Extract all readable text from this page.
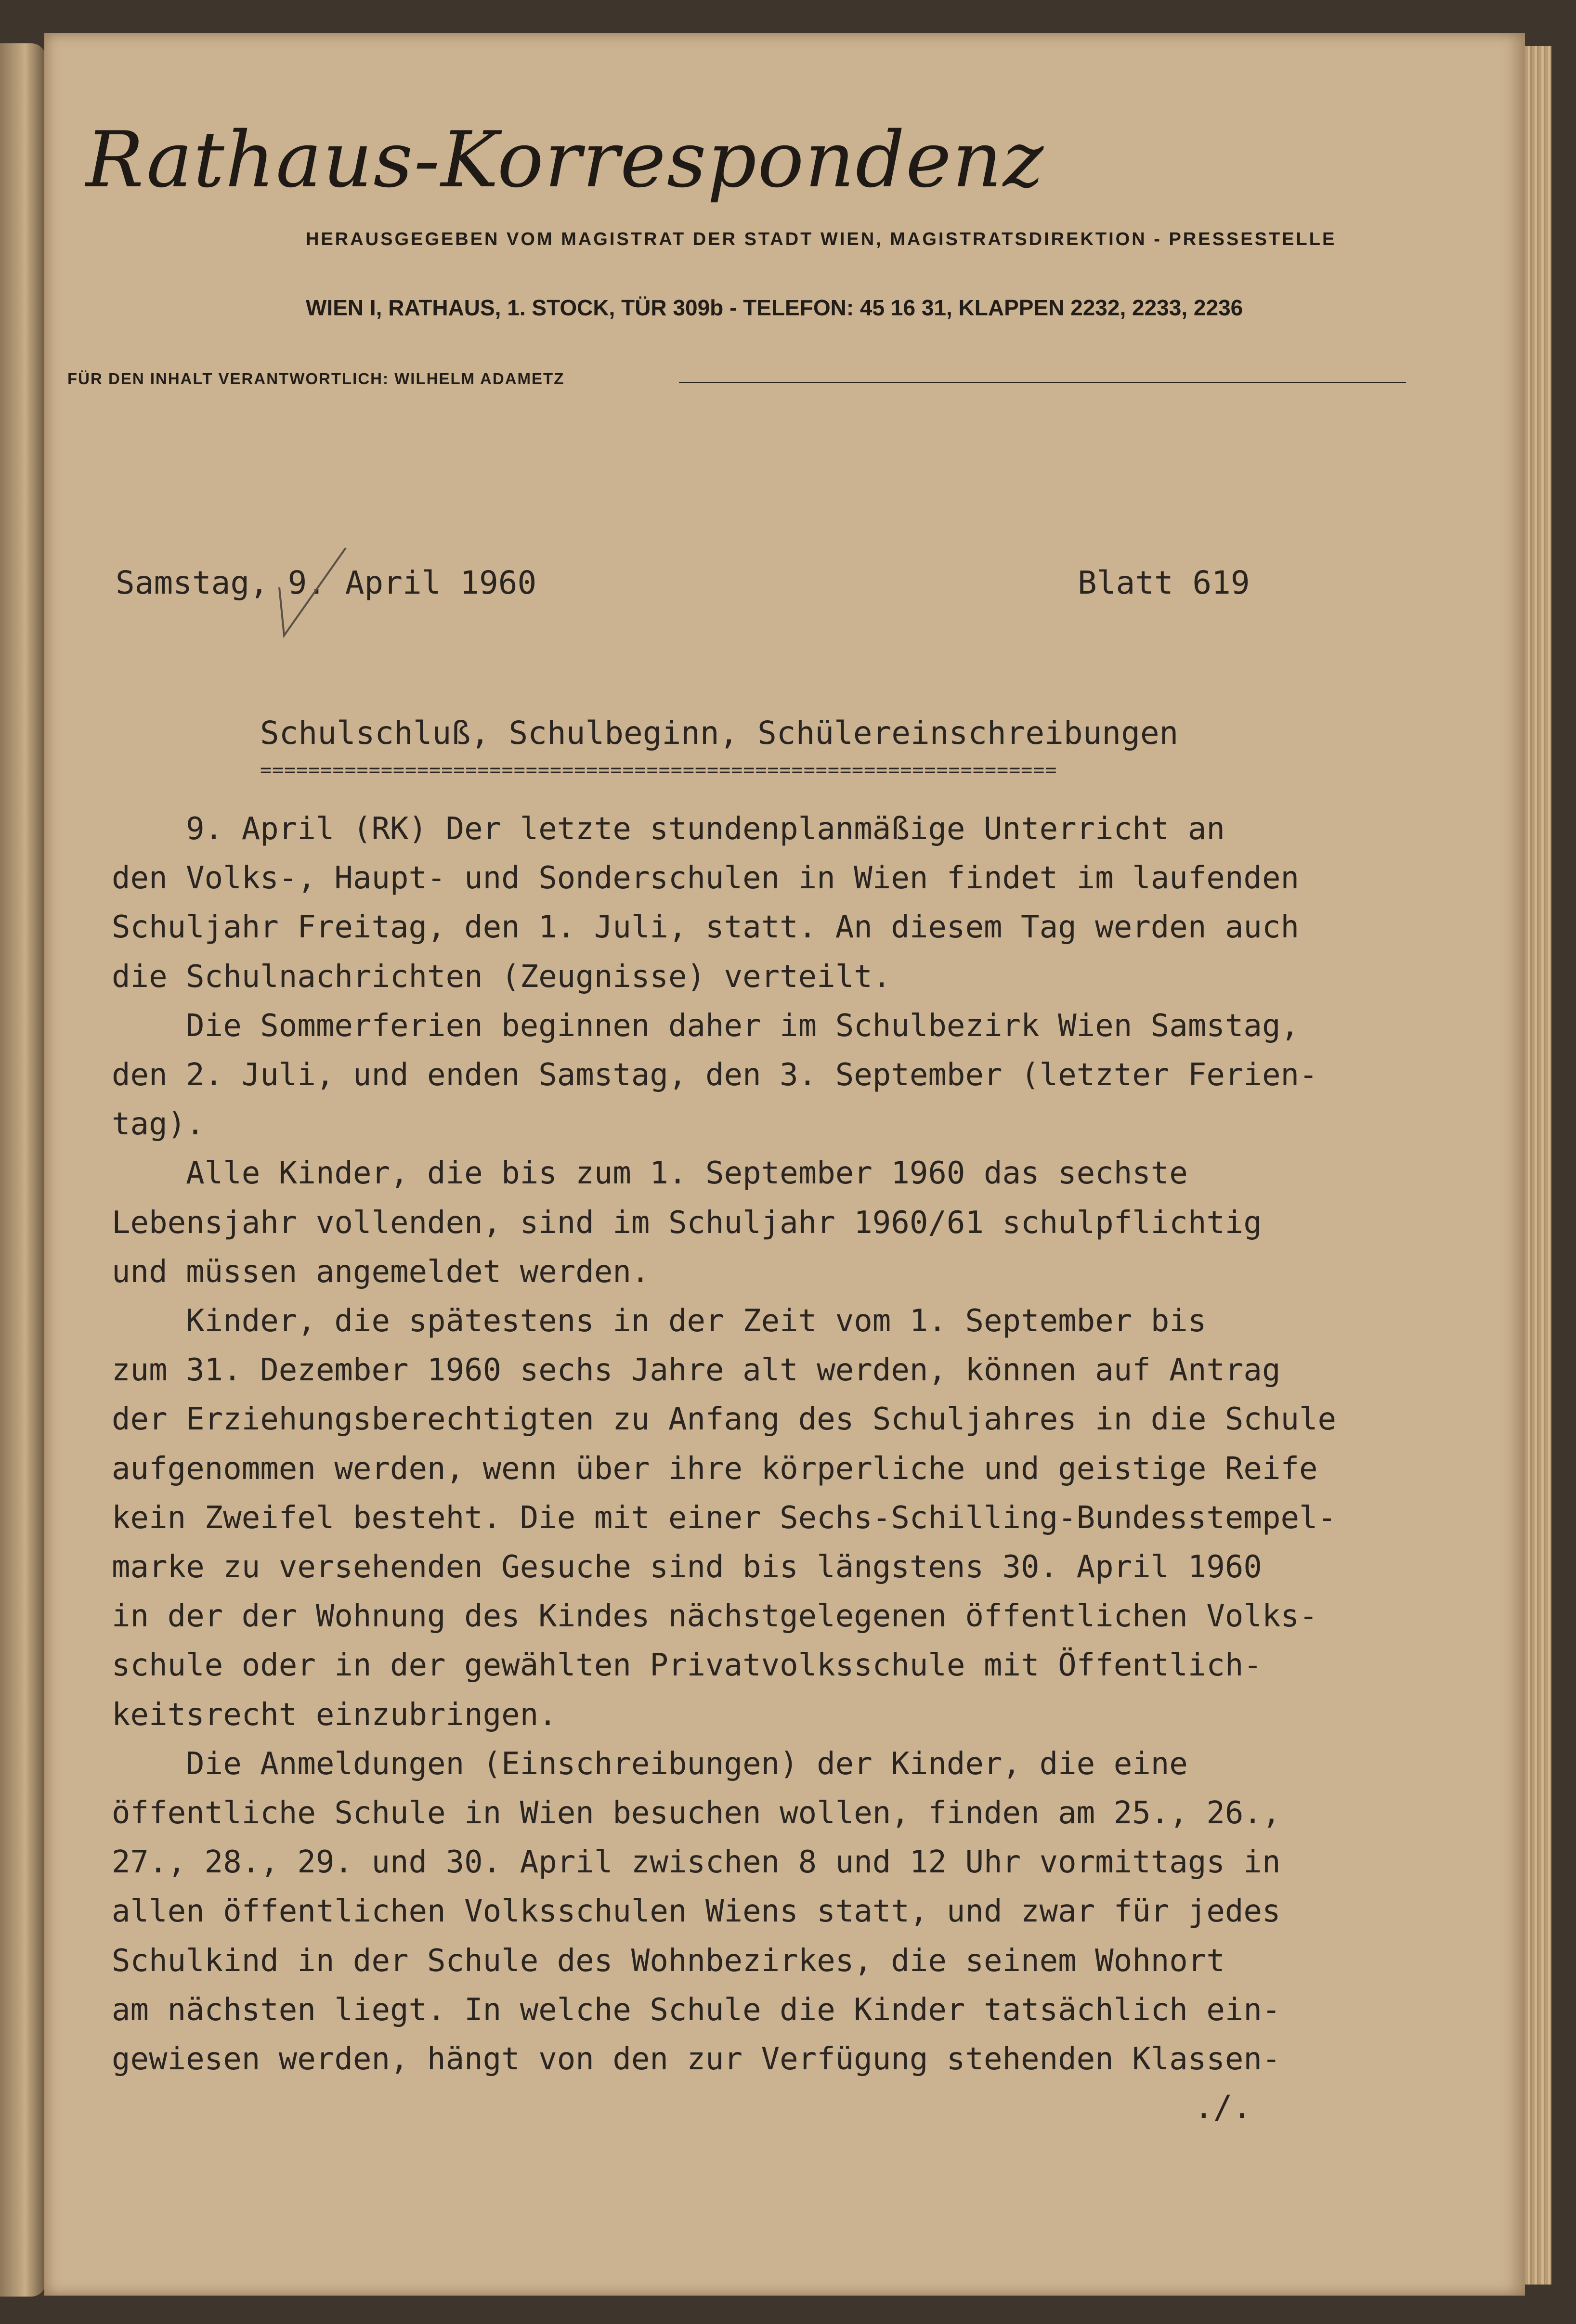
Rathaus-Korrespondenz
HERAUSGEGEBEN VOM MAGISTRAT DER STADT WIEN, MAGISTRATSDIREKTION - PRESSESTELLE
WIEN I, RATHAUS, 1. STOCK, TÜR 309b - TELEFON: 45 16 31, KLAPPEN 2232, 2233, 2236
FÜR DEN INHALT VERANTWORTLICH: WILHELM ADAMETZ
Samstag, 9. April 1960	Blatt 619
Schulschluß, Schulbeginn, Schülereinschreibungen
==================================================================
9. April (RK) Der letzte stundenplanmäßige Unterricht an
den Volks-, Haupt- und Sonderschulen in Wien findet im laufenden
Schuljahr Freitag, den 1. Juli, statt. An diesem Tag werden auch
die Schulnachrichten (Zeugnisse) verteilt.
Die Sommerferien beginnen daher im Schulbezirk Wien Samstag,
den 2. Juli, und enden Samstag, den 3. September (letzter Ferien-
tag).
Alle Kinder, die bis zum 1. September 1960 das sechste
Lebensjahr vollenden, sind im Schuljahr 1960/61 schulpflichtig
und müssen angemeldet werden.
Kinder, die spätestens in der Zeit vom 1. September bis
zum 31. Dezember 1960 sechs Jahre alt werden, können auf Antrag
der Erziehungsberechtigten zu Anfang des Schuljahres in die Schule
aufgenommen werden, wenn über ihre körperliche und geistige Reife
kein Zweifel besteht. Die mit einer Sechs-Schilling-Bundesstempel-
marke zu versehenden Gesuche sind bis längstens 30. April 1960
in der der Wohnung des Kindes nächstgelegenen öffentlichen Volks-
schule oder in der gewählten Privatvolksschule mit Öffentlich-
keitsrecht einzubringen.
Die Anmeldungen (Einschreibungen) der Kinder, die eine
öffentliche Schule in Wien besuchen wollen, finden am 25., 26.,
27., 28., 29. und 30. April zwischen 8 und 12 Uhr vormittags in
allen öffentlichen Volksschulen Wiens statt, und zwar für jedes
Schulkind in der Schule des Wohnbezirkes, die seinem Wohnort
am nächsten liegt. In welche Schule die Kinder tatsächlich ein-
gewiesen werden, hängt von den zur Verfügung stehenden Klassen-
./.
